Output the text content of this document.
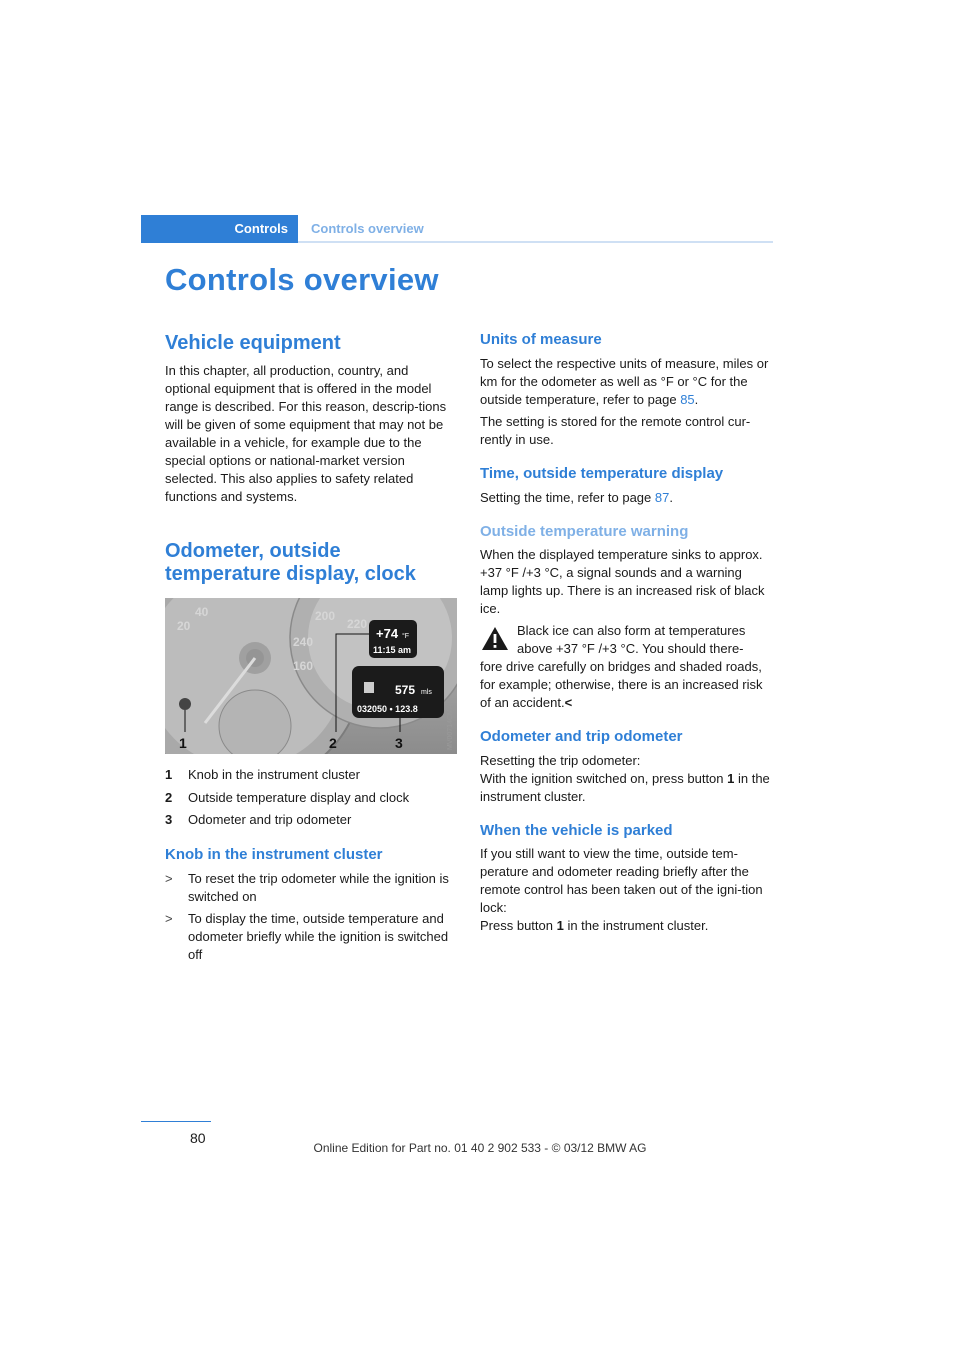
Controls Controls overview
Controls overview
Vehicle equipment

In this chapter, all production, country, and optional equipment that is offered in the model range is described. For this reason, descrip-tions will be given of some equipment that may not be available in a vehicle, for example due to the special options or national-market version selected. This also applies to safety related functions and systems.

Odometer, outside
temperature display, clock
20
40	200
240
160
220
+74 °F
11:15 am
575 mls
032050 • 123.8
1	2	3	MV00714CMA
1 Knob in the instrument cluster
2 Outside temperature display and clock
3 Odometer and trip odometer
Knob in the instrument cluster
> To reset the trip odometer while the ignition is switched on
> To display the time, outside temperature and odometer briefly while the ignition is switched off
Units of measure

To select the respective units of measure, miles or km for the odometer as well as °F or °C for the outside temperature, refer to page 85.

The setting is stored for the remote control cur-rently in use.

Time, outside temperature display

Setting the time, refer to page 87.

Outside temperature warning

When the displayed temperature sinks to approx. +37 °F /+3 °C, a signal sounds and a warning lamp lights up. There is an increased risk of black ice.

Black ice can also form at temperatures

above +37 °F /+3 °C. You should there-

fore drive carefully on bridges and shaded roads, for example; otherwise, there is an increased risk of an accident.<

Odometer and trip odometer

Resetting the trip odometer:

With the ignition switched on, press button 1 in the instrument cluster.

When the vehicle is parked

If you still want to view the time, outside tem-perature and odometer reading briefly after the remote control has been taken out of the igni-tion lock:

Press button 1 in the instrument cluster.

80
Online Edition for Part no. 01 40 2 902 533 - © 03/12 BMW AG
